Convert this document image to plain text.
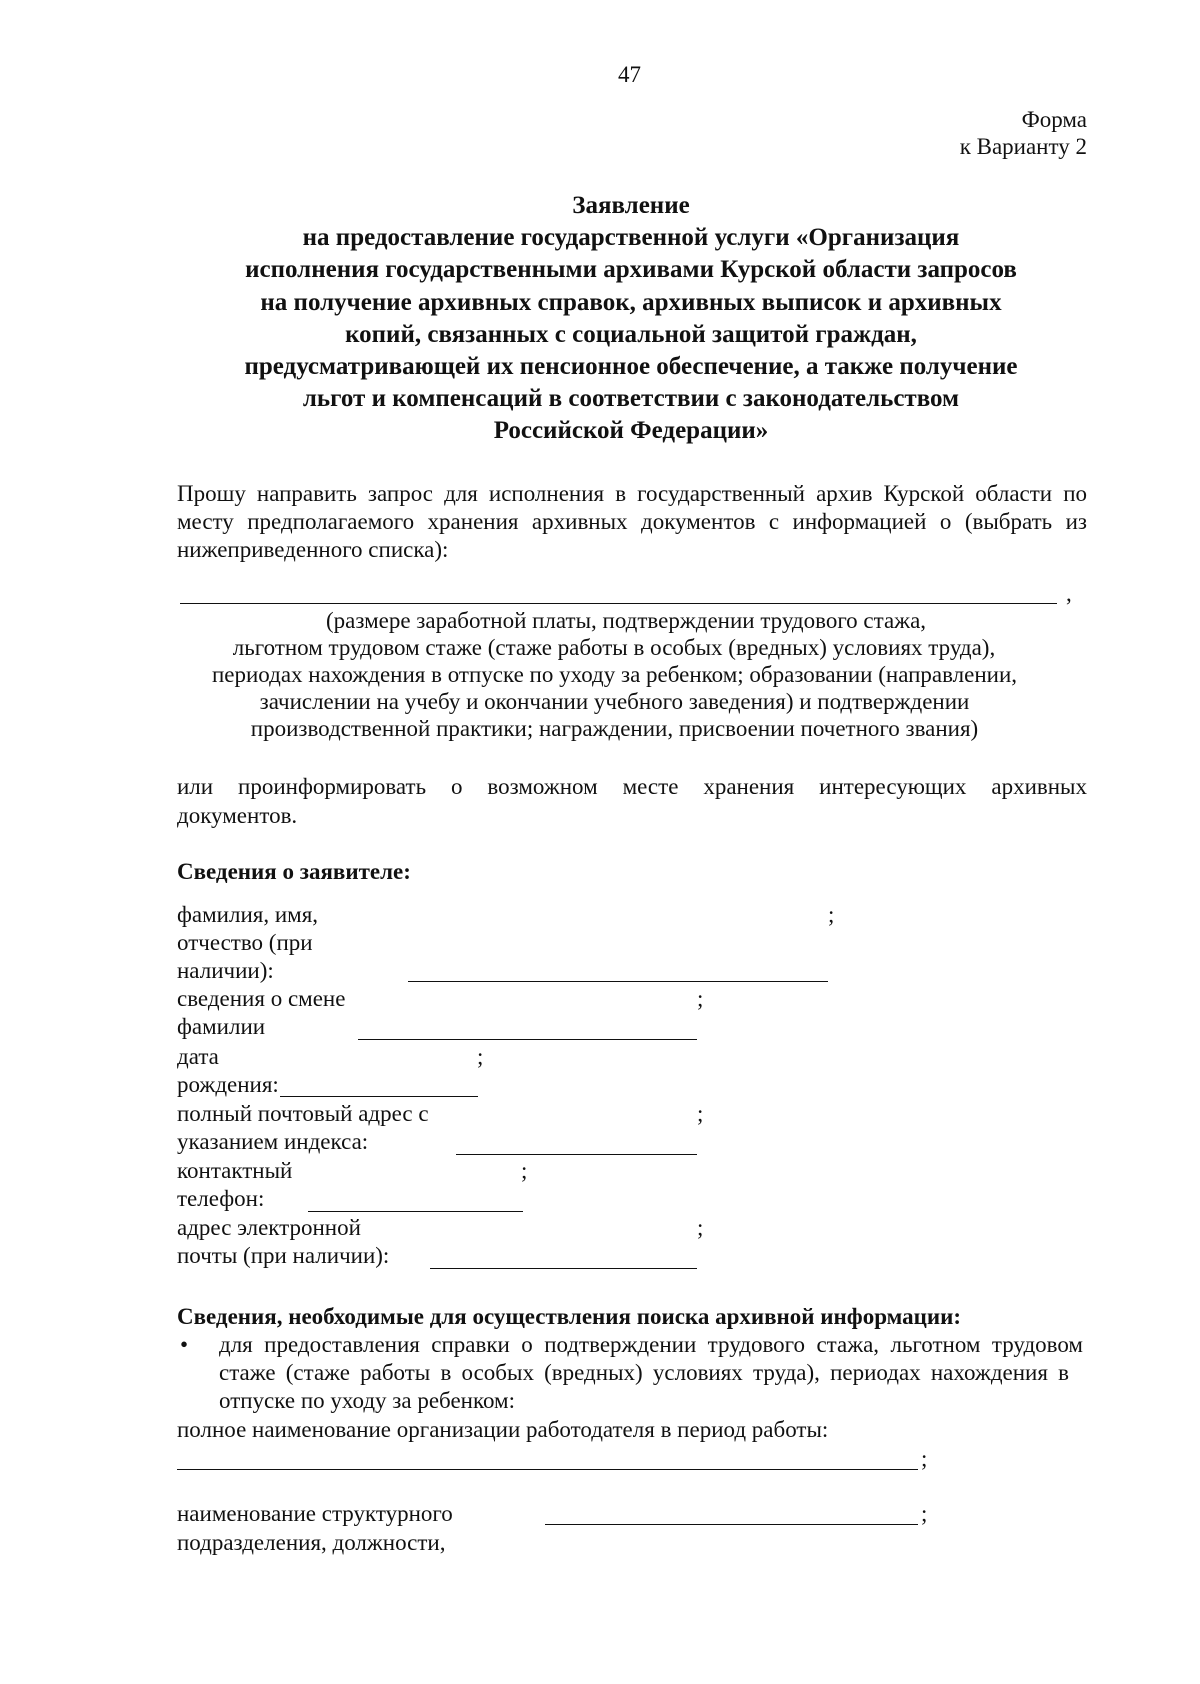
47
Форма
к Варианту 2
Заявление
на предоставление государственной услуги «Организация
исполнения государственными архивами Курской области запросов
на получение архивных справок, архивных выписок и архивных
копий, связанных с социальной защитой граждан,
предусматривающей их пенсионное обеспечение, а также получение
льгот и компенсаций в соответствии с законодательством
Российской Федерации»
Прошу направить запрос для исполнения в государственный архив Курской области по
месту предполагаемого хранения архивных документов с информацией о (выбрать из
нижеприведенного списка):
,
(размере заработной платы, подтверждении трудового стажа,
льготном трудовом стаже (стаже работы в особых (вредных) условиях труда),
периодах нахождения в отпуске по уходу за ребенком; образовании (направлении,
зачислении на учебу и окончании учебного заведения) и подтверждении
производственной практики; награждении, присвоении почетного звания)
или проинформировать о возможном месте хранения интересующих архивных
документов.
Сведения о заявителе:
фамилия, имя,
отчество (при
наличии):
;
сведения о смене
фамилии
;
дата
рождения:
;
полный почтовый адрес с
указанием индекса:
;
контактный
телефон:
;
адрес электронной
почты (при наличии):
;
Сведения, необходимые для осуществления поиска архивной информации:
• для предоставления справки о подтверждении трудового стажа, льготном трудовом
стаже (стаже работы в особых (вредных) условиях труда), периодах нахождения в
отпуске по уходу за ребенком:
полное наименование организации работодателя в период работы:
;
наименование структурного
подразделения, должности,
;
